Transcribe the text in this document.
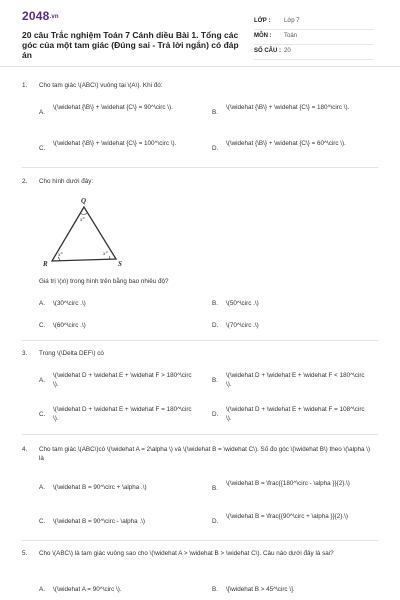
2048.vn
20 câu Trắc nghiệm Toán 7 Cánh diều Bài 1. Tổng các góc của một tam giác (Đúng sai - Trả lời ngắn) có đáp án
LỚP : Lớp 7
MÔN : Toán
SỐ CÂU : 20
1. Cho tam giác \(ABC\) vuông tại \(A\). Khi đó:
A.
\(\widehat {\B\} + \widehat {C\} = 90^\circ \).
B.
\(\widehat {\B\} + \widehat {C\} = 180^\circ \).
C.
\(\widehat {\B\} + \widehat {C\} = 100^\circ \).
D.
\(\widehat {\B\} + \widehat {C\} = 60^\circ \).
2. Cho hình dưới đây:
Q
R	S
x°
x°	x°
Giá trị \(x\) trong hình trên bằng bao nhiêu độ?
A. \(30^\circ .\)	B. \(50^\circ .\)
C. \(60^\circ .\)	D. \(70^\circ .\)
3. Trong \(\Delta DEF\) có
A.
\(\widehat D + \widehat E + \widehat F > 180^\circ \).
B.
\(\widehat D + \widehat E + \widehat F < 180^\circ \).
C.
\(\widehat D + \widehat E + \widehat F = 180^\circ \).
D.
\(\widehat D + \widehat E + \widehat F = 108^\circ \).
4. Cho tam giác \(ABC\)có \(\widehat A = 2\alpha \) và \(\widehat B = \widehat C\). Số đo góc \(\widehat B\) theo \(\alpha \) là
A. \(\widehat B = 90^\circ + \alpha .\)	B.
\(\widehat B = \frac{{180^\circ - \alpha }}{2}.\)
C. \(\widehat B = 90^\circ - \alpha .\)	D.
\(\widehat B = \frac{{90^\circ + \alpha }}{2}.\)
5. Cho \(ABC\) là tam giác vuông sao cho \(\widehat A > \widehat B > \widehat C\). Câu nào dưới đây là sai?
A. \(\widehat A = 90^\circ \).	B. \[\widehat B > 45^\circ \].
